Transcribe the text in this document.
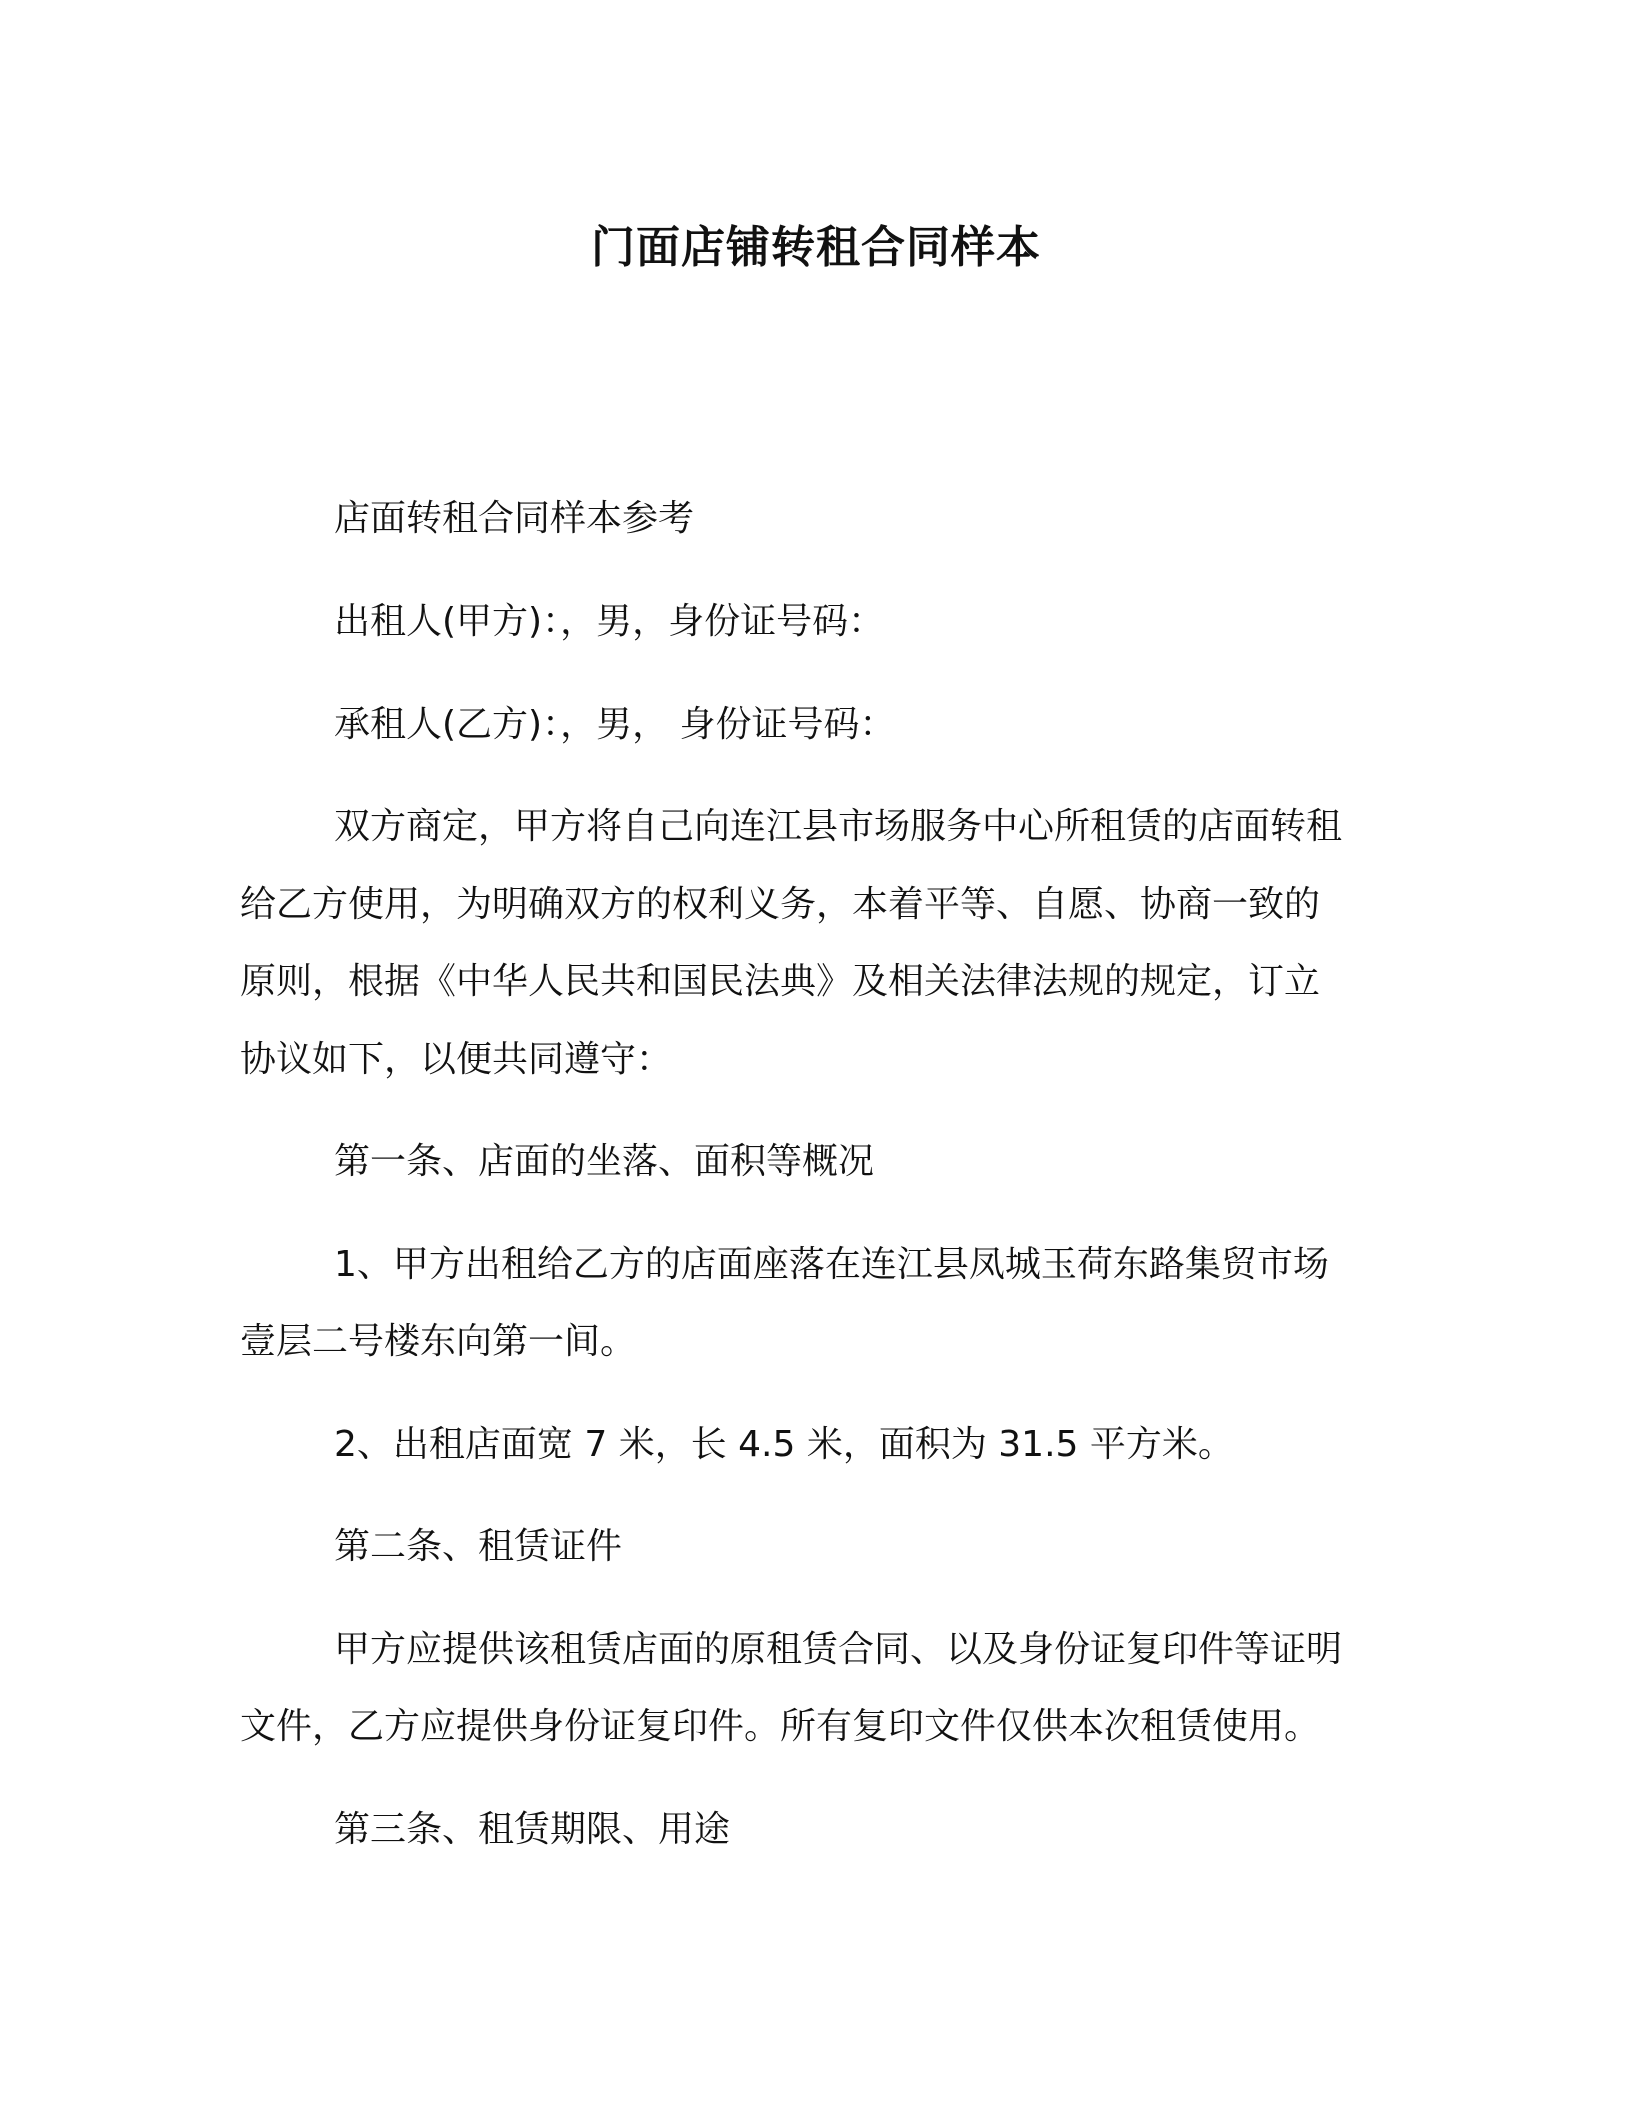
门面店铺转租合同样本
店面转租合同样本参考
出租人(甲方)：，男，身份证号码：
承租人(乙方)：，男， 身份证号码：
双方商定，甲方将自己向连江县市场服务中心所租赁的店面转租
给乙方使用，为明确双方的权利义务，本着平等、自愿、协商一致的
原则，根据《中华人民共和国民法典》及相关法律法规的规定，订立
协议如下，以便共同遵守：
第一条、店面的坐落、面积等概况
1、甲方出租给乙方的店面座落在连江县凤城玉荷东路集贸市场
壹层二号楼东向第一间。
2、出租店面宽 7 米，长 4.5 米，面积为 31.5 平方米。
第二条、租赁证件
甲方应提供该租赁店面的原租赁合同、以及身份证复印件等证明
文件，乙方应提供身份证复印件。所有复印文件仅供本次租赁使用。
第三条、租赁期限、用途
